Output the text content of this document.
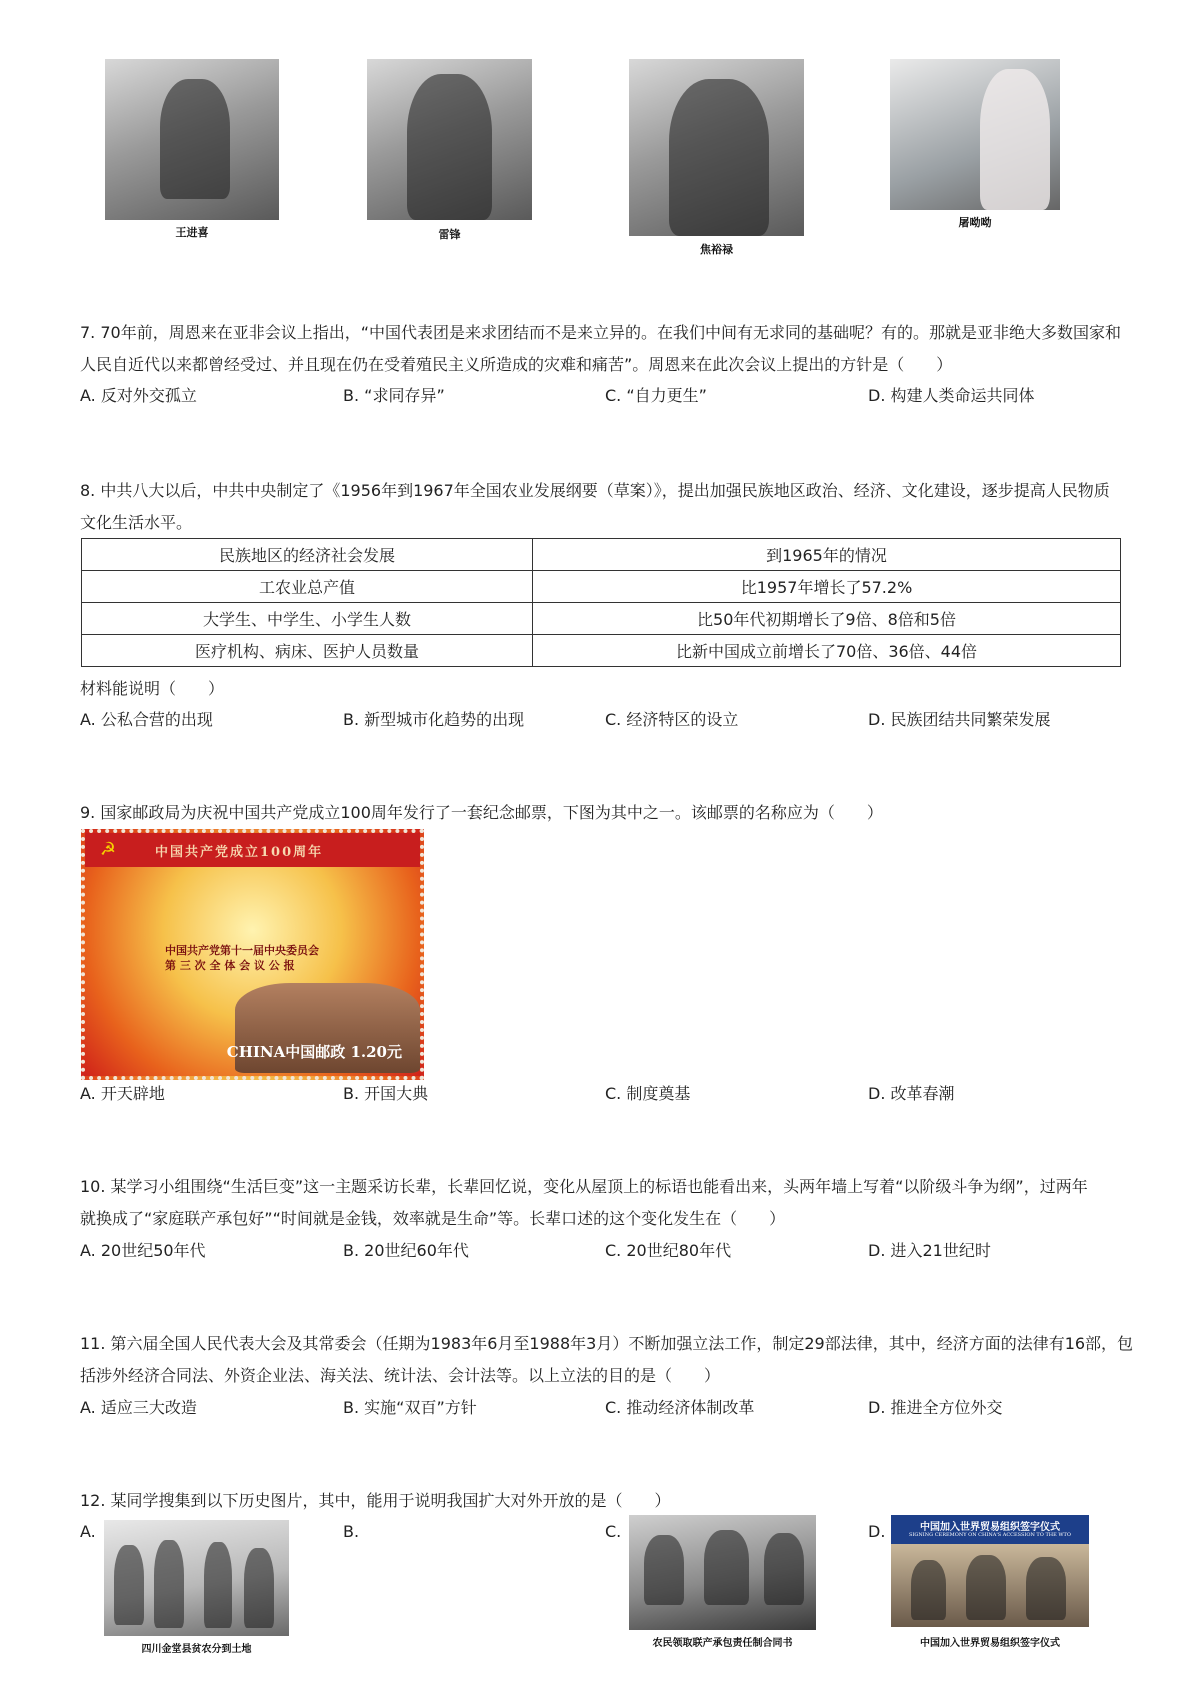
王进喜	雷锋
焦裕禄
屠呦呦
7. 70年前，周恩来在亚非会议上指出，“中国代表团是来求团结而不是来立异的。在我们中间有无求同的基础呢？有的。那就是亚非绝大多数国家和
人民自近代以来都曾经受过、并且现在仍在受着殖民主义所造成的灾难和痛苦”。周恩来在此次会议上提出的方针是（　　）
A. 反对外交孤立	B. “求同存异”	C. “自力更生”	D. 构建人类命运共同体
8. 中共八大以后，中共中央制定了《1956年到1967年全国农业发展纲要（草案）》，提出加强民族地区政治、经济、文化建设，逐步提高人民物质
文化生活水平。
民族地区的经济社会发展	到1965年的情况
工农业总产值	比1957年增长了57.2%
大学生、中学生、小学生人数	比50年代初期增长了9倍、8倍和5倍
医疗机构、病床、医护人员数量	比新中国成立前增长了70倍、36倍、44倍
材料能说明（　　）
A. 公私合营的出现	B. 新型城市化趋势的出现	C. 经济特区的设立	D. 民族团结共同繁荣发展
9. 国家邮政局为庆祝中国共产党成立100周年发行了一套纪念邮票，下图为其中之一。该邮票的名称应为（　　）
☭	中国共产党成立100周年
中国共产党第十一届中央委员会
第 三 次 全 体 会 议 公 报
CHINA中国邮政 1.20元
A. 开天辟地	B. 开国大典	C. 制度奠基	D. 改革春潮
10. 某学习小组围绕“生活巨变”这一主题采访长辈，长辈回忆说，变化从屋顶上的标语也能看出来，头两年墙上写着“以阶级斗争为纲”，过两年
就换成了“家庭联产承包好”“时间就是金钱，效率就是生命”等。长辈口述的这个变化发生在（　　）
A. 20世纪50年代	B. 20世纪60年代	C. 20世纪80年代	D. 进入21世纪时
11. 第六届全国人民代表大会及其常委会（任期为1983年6月至1988年3月）不断加强立法工作，制定29部法律，其中，经济方面的法律有16部，包
括涉外经济合同法、外资企业法、海关法、统计法、会计法等。以上立法的目的是（　　）
A. 适应三大改造	B. 实施“双百”方针	C. 推动经济体制改革	D. 推进全方位外交
12. 某同学搜集到以下历史图片，其中，能用于说明我国扩大对外开放的是（　　）
A.
四川金堂县贫农分到土地
B.	C.
农民领取联产承包责任制合同书
D.	中国加入世界贸易组织签字仪式
SIGNING CEREMONY ON CHINA'S ACCESSION TO THE WTO
中国加入世界贸易组织签字仪式
